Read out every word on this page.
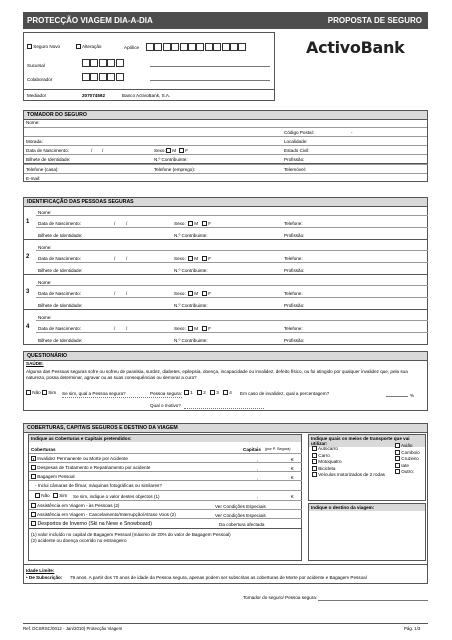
PROTECÇÃO VIAGEM DIA-A-DIA	PROPOSTA DE SEGURO
Seguro Novo	Alteração	Apólice
Sucursal
Colaborador
Mediador	207074592	Banco ActivoBank, S.A.
ActivoBank
TOMADOR DO SEGURO
Nome:
Código Postal:	-
Morada:	Localidade:
Data de Nascimento:	/ /	Sexo:	M	F	Estado Civil:
Bilhete de Identidade:	N.º Contribuinte:	Profissão:
Telefone (casa):	Telefone (emprego):	Telemóvel:
E-mail:
IDENTIFICAÇÃO DAS PESSOAS SEGURAS
1
Nome:
Data de Nascimento:	/ /	Sexo:	M	F	Telefone:
Bilhete de Identidade:	N.º Contribuinte:	Profissão:
2
Nome:
Data de Nascimento:	/ /	Sexo:	M	F	Telefone:
Bilhete de Identidade:	N.º Contribuinte:	Profissão:
3
Nome:
Data de Nascimento:	/ /	Sexo:	M	F	Telefone:
Bilhete de Identidade:	N.º Contribuinte:	Profissão:
4
Nome:
Data de Nascimento:	/ /	Sexo:	M	F	Telefone:
Bilhete de Identidade:	N.º Contribuinte:	Profissão:
QUESTIONÁRIO
SAÚDE:
Alguma das Pessoas seguras sofre ou sofreu de paralisia, surdez, diabetes, epilepsia, doença, incapacidade ou invalidez, defeito físico, ou foi atingido por qualquer invalidez que, pela sua natureza, possa determinar, agravar ou as suas consequências ou demorar a cura?
Não	Sim Se sim, qual a Pessoa segura?	Pessoa segura:	1	2	3	4 Em caso de invalidez, qual a percentagem?	%
Qual o motivo?
COBERTURAS, CAPITAIS SEGUROS E DESTINO DA VIAGEM
Indique as Coberturas e Capitais pretendidos:
Coberturas	Capitais (por P. Segura)
Invalidez Permanente ou Morte por Acidente	,	€
Despesas de Tratamento e Repatriamento por acidente	,	€
Bagagem Pessoal	,	€
- Inclui câmaras de filmar, máquinas fotográficas ou similares?
Não	Sim Se sim, indique o valor destes objectos (1)	,	€
Assistência em Viagem - às Pessoas (2)	Ver Condições Especiais
Assistência em Viagem - Cancelamento/Interrupção/Atraso Voos (2)	Ver Condições Especiais
Desportos de Inverno (Ski na Neve e Snowboard)	Da cobertura afectada
(1) valor incluído no capital de Bagagem Pessoal (máximo de 20% do valor de Bagagem Pessoal)
(2) acidente ou doença ocorrido no estrangeiro
Indique quais os meios de transporte que vai utilizar:
Autocarro
Carro
Motoquatro
Bicicleta
Veículos motorizados de 2 rodas
Avião
Comboio
Cruzeiro
Iate
Outro:
Indique o destino da viagem:
Idade Limite:
• De Subscrição: 79 anos. A partir dos 70 anos de idade da Pessoa segura, apenas podem ser subscritas as coberturas de Morte por acidente e Bagagem Pessoal
Tomador do seguro/ Pessoa segura:
Ref. DCSRSC/0012 - Jan/2010) Protecção Viagem	Pág. 1/3
